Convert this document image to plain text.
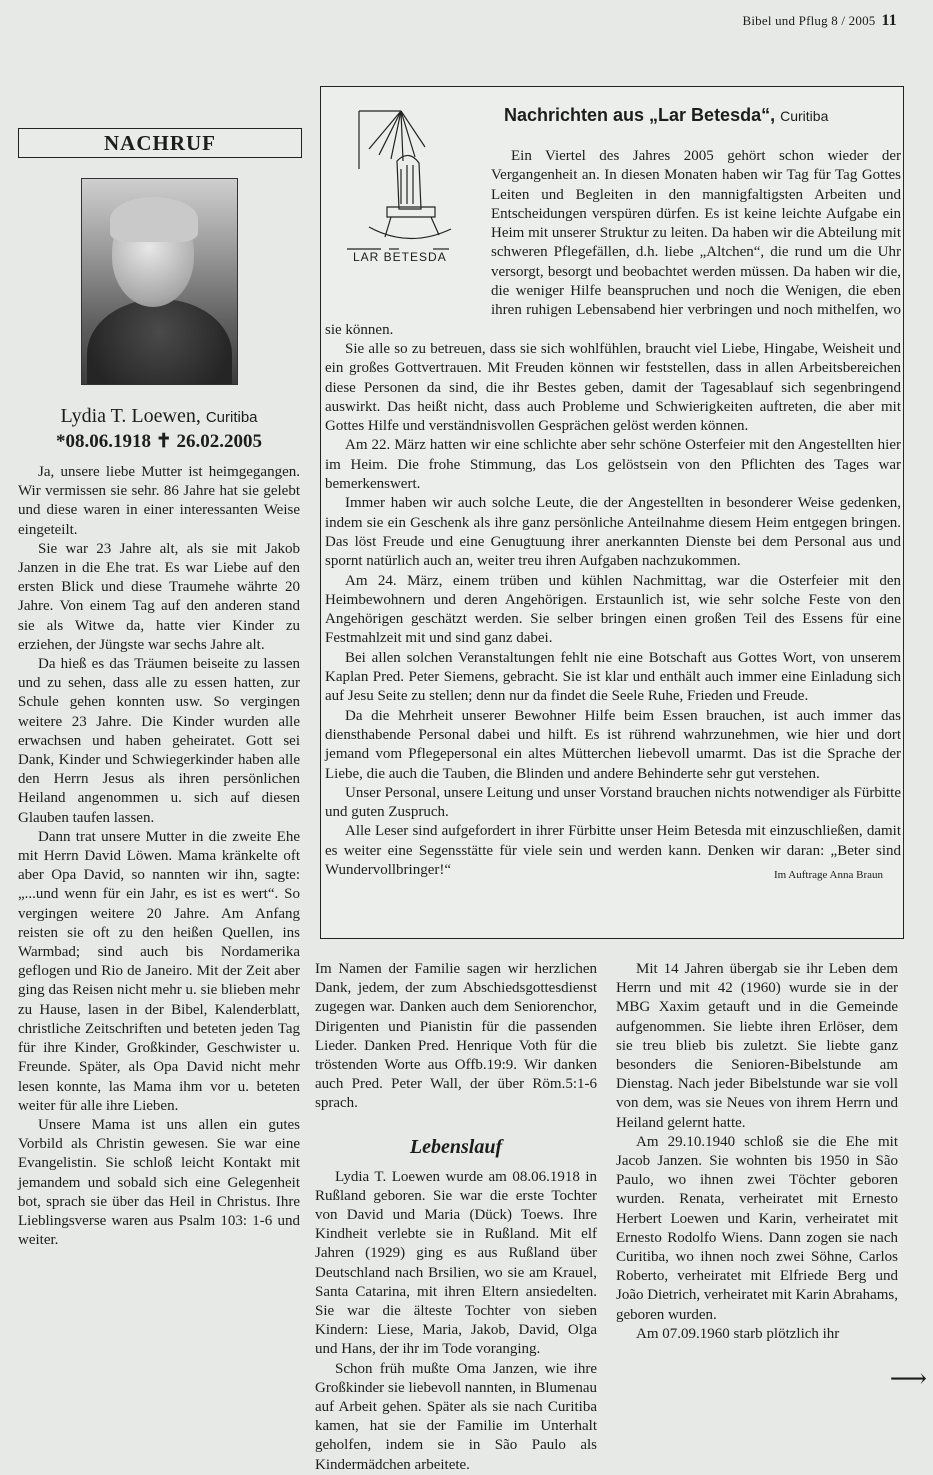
Bibel und Pflug 8 / 2005 11
NACHRUF
Lydia T. Loewen, Curitiba
*08.06.1918 ✝ 26.02.2005

Ja, unsere liebe Mutter ist heimgegangen. Wir vermissen sie sehr. 86 Jahre hat sie gelebt und diese waren in einer interessanten Weise eingeteilt.

Sie war 23 Jahre alt, als sie mit Jakob Janzen in die Ehe trat. Es war Liebe auf den ersten Blick und diese Traumehe währte 20 Jahre. Von einem Tag auf den anderen stand sie als Witwe da, hatte vier Kinder zu erziehen, der Jüngste war sechs Jahre alt.

Da hieß es das Träumen beiseite zu lassen und zu sehen, dass alle zu essen hatten, zur Schule gehen konnten usw. So vergingen weitere 23 Jahre. Die Kinder wurden alle erwachsen und haben geheiratet. Gott sei Dank, Kinder und Schwiegerkinder haben alle den Herrn Jesus als ihren persönlichen Heiland angenommen u. sich auf diesen Glauben taufen lassen.

Dann trat unsere Mutter in die zweite Ehe mit Herrn David Löwen. Mama kränkelte oft aber Opa David, so nannten wir ihn, sagte: „...und wenn für ein Jahr, es ist es wert“. So vergingen weitere 20 Jahre. Am Anfang reisten sie oft zu den heißen Quellen, ins Warmbad; sind auch bis Nordamerika geflogen und Rio de Janeiro. Mit der Zeit aber ging das Reisen nicht mehr u. sie blieben mehr zu Hause, lasen in der Bibel, Kalenderblatt, christliche Zeitschriften und beteten jeden Tag für ihre Kinder, Großkinder, Geschwister u. Freunde. Später, als Opa David nicht mehr lesen konnte, las Mama ihm vor u. beteten weiter für alle ihre Lieben.

Unsere Mama ist uns allen ein gutes Vorbild als Christin gewesen. Sie war eine Evangelistin. Sie schloß leicht Kontakt mit jemandem und sobald sich eine Gelegenheit bot, sprach sie über das Heil in Christus. Ihre Lieblingsverse waren aus Psalm 103: 1-6 und weiter.

LAR BETESDA
Nachrichten aus „Lar Betesda“, Curitiba

Ein Viertel des Jahres 2005 gehört schon wieder der Vergangenheit an. In diesen Monaten haben wir Tag für Tag Gottes Leiten und Begleiten in den mannigfaltigsten Arbeiten und Entscheidungen verspüren dürfen. Es ist keine leichte Aufgabe ein Heim mit unserer Struktur zu leiten. Da haben wir die Abteilung mit schweren Pflegefällen, d.h. liebe „Altchen“, die rund um die Uhr versorgt, besorgt und beobachtet werden müssen. Da haben wir die, die weniger Hilfe beanspruchen und noch die Wenigen, die eben ihren ruhigen Lebensabend hier verbringen und noch mithelfen, wo sie können.

Sie alle so zu betreuen, dass sie sich wohlfühlen, braucht viel Liebe, Hingabe, Weisheit und ein großes Gottvertrauen. Mit Freuden können wir feststellen, dass in allen Arbeitsbereichen diese Personen da sind, die ihr Bestes geben, damit der Tagesablauf sich segenbringend auswirkt. Das heißt nicht, dass auch Probleme und Schwierigkeiten auftreten, die aber mit Gottes Hilfe und verständnisvollen Gesprächen gelöst werden können.

Am 22. März hatten wir eine schlichte aber sehr schöne Osterfeier mit den Angestellten hier im Heim. Die frohe Stimmung, das Los gelöstsein von den Pflichten des Tages war bemerkenswert.

Immer haben wir auch solche Leute, die der Angestellten in besonderer Weise gedenken, indem sie ein Geschenk als ihre ganz persönliche Anteilnahme diesem Heim entgegen bringen. Das löst Freude und eine Genugtuung ihrer anerkannten Dienste bei dem Personal aus und spornt natürlich auch an, weiter treu ihren Aufgaben nachzukommen.

Am 24. März, einem trüben und kühlen Nachmittag, war die Osterfeier mit den Heimbewohnern und deren Angehörigen. Erstaunlich ist, wie sehr solche Feste von den Angehörigen geschätzt werden. Sie selber bringen einen großen Teil des Essens für eine Festmahlzeit mit und sind ganz dabei.

Bei allen solchen Veranstaltungen fehlt nie eine Botschaft aus Gottes Wort, von unserem Kaplan Pred. Peter Siemens, gebracht. Sie ist klar und enthält auch immer eine Einladung sich auf Jesu Seite zu stellen; denn nur da findet die Seele Ruhe, Frieden und Freude.

Da die Mehrheit unserer Bewohner Hilfe beim Essen brauchen, ist auch immer das diensthabende Personal dabei und hilft. Es ist rührend wahrzunehmen, wie hier und dort jemand vom Pflegepersonal ein altes Mütterchen liebevoll umarmt. Das ist die Sprache der Liebe, die auch die Tauben, die Blinden und andere Behinderte sehr gut verstehen.

Unser Personal, unsere Leitung und unser Vorstand brauchen nichts notwendiger als Fürbitte und guten Zuspruch.

Alle Leser sind aufgefordert in ihrer Fürbitte unser Heim Betesda mit einzuschließen, damit es weiter eine Segensstätte für viele sein und werden kann. Denken wir daran: „Beter sind Wundervollbringer!“	Im Auftrage Anna Braun

Im Namen der Familie sagen wir herzlichen Dank, jedem, der zum Abschiedsgottesdienst zugegen war. Danken auch dem Seniorenchor, Dirigenten und Pianistin für die passenden Lieder. Danken Pred. Henrique Voth für die tröstenden Worte aus Offb.19:9. Wir danken auch Pred. Peter Wall, der über Röm.5:1-6 sprach.

Lebenslauf

Lydia T. Loewen wurde am 08.06.1918 in Rußland geboren. Sie war die erste Tochter von David und Maria (Dück) Toews. Ihre Kindheit verlebte sie in Rußland. Mit elf Jahren (1929) ging es aus Rußland über Deutschland nach Brsilien, wo sie am Krauel, Santa Catarina, mit ihren Eltern ansiedelten. Sie war die älteste Tochter von sieben Kindern: Liese, Maria, Jakob, David, Olga und Hans, der ihr im Tode voranging.

Schon früh mußte Oma Janzen, wie ihre Großkinder sie liebevoll nannten, in Blumenau auf Arbeit gehen. Später als sie nach Curitiba kamen, hat sie der Familie im Unterhalt geholfen, indem sie in São Paulo als Kindermädchen arbeitete.

Mit 14 Jahren übergab sie ihr Leben dem Herrn und mit 42 (1960) wurde sie in der MBG Xaxim getauft und in die Gemeinde aufgenommen. Sie liebte ihren Erlöser, dem sie treu blieb bis zuletzt. Sie liebte ganz besonders die Senioren-Bibelstunde am Dienstag. Nach jeder Bibelstunde war sie voll von dem, was sie Neues von ihrem Herrn und Heiland gelernt hatte.

Am 29.10.1940 schloß sie die Ehe mit Jacob Janzen. Sie wohnten bis 1950 in São Paulo, wo ihnen zwei Töchter geboren wurden. Renata, verheiratet mit Ernesto Herbert Loewen und Karin, verheiratet mit Ernesto Rodolfo Wiens. Dann zogen sie nach Curitiba, wo ihnen noch zwei Söhne, Carlos Roberto, verheiratet mit Elfriede Berg und João Dietrich, verheiratet mit Karin Abrahams, geboren wurden.

Am 07.09.1960 starb plötzlich ihr

⟶
